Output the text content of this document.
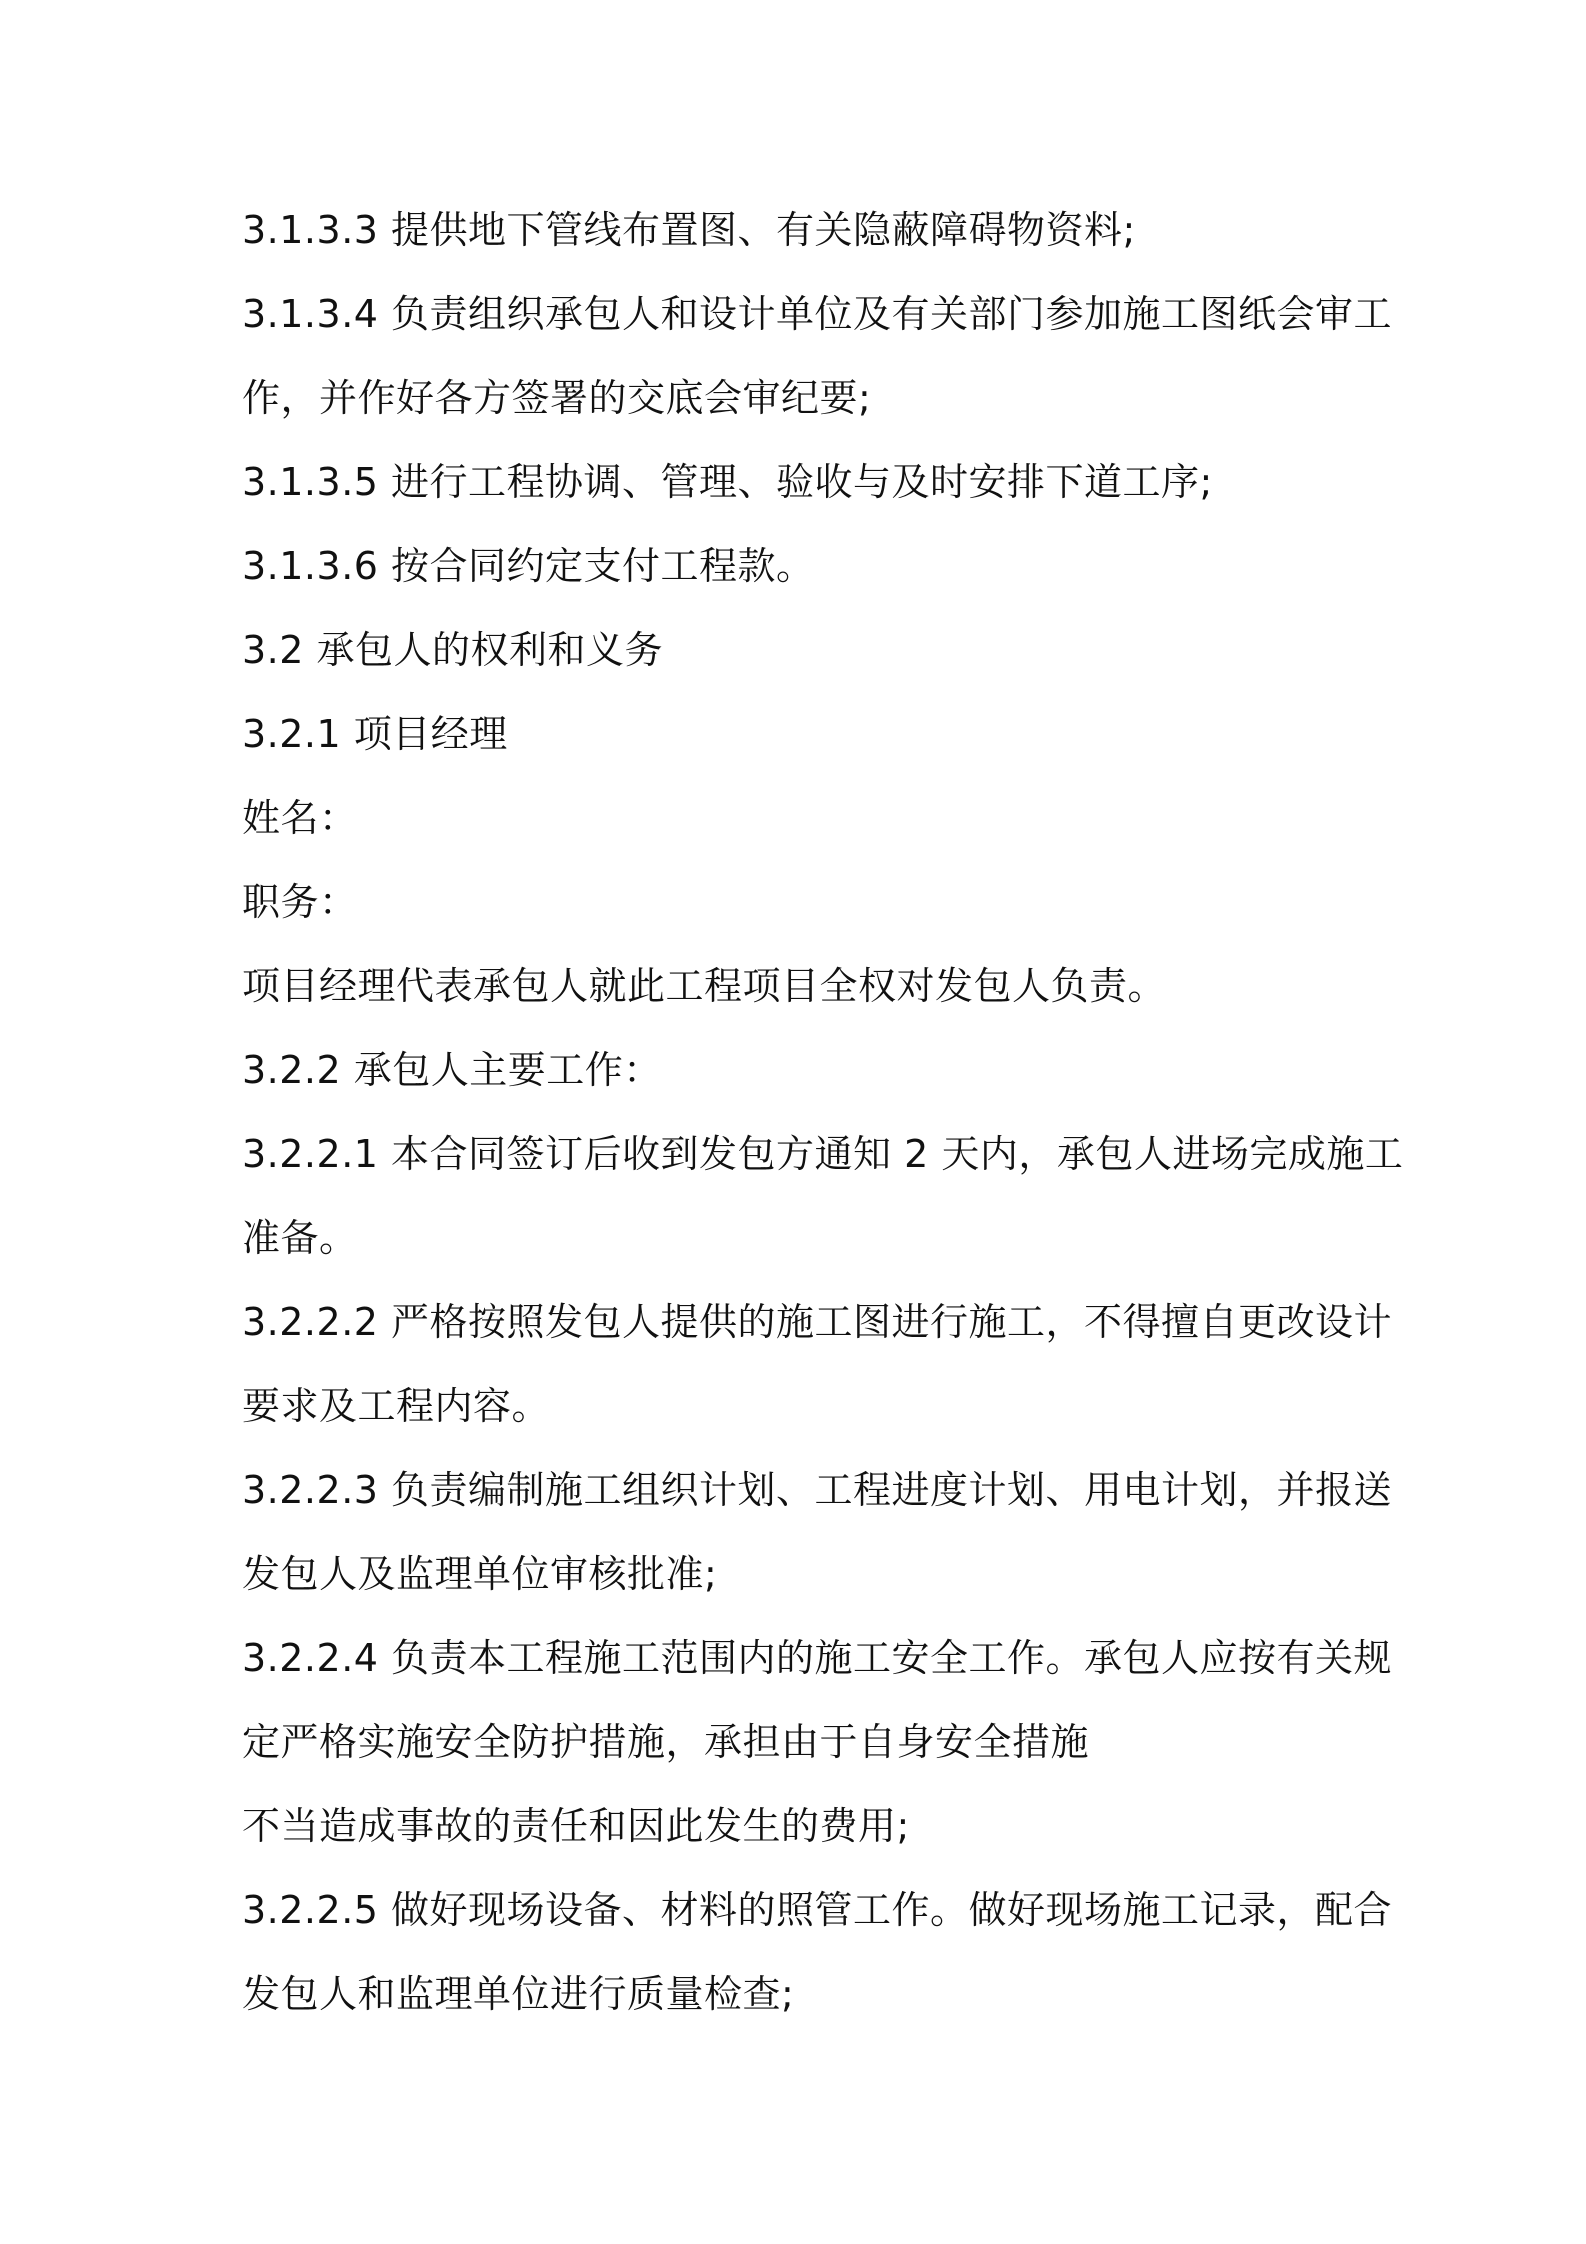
3.1.3.3 提供地下管线布置图、有关隐蔽障碍物资料;
3.1.3.4 负责组织承包人和设计单位及有关部门参加施工图纸会审工
作，并作好各方签署的交底会审纪要;
3.1.3.5 进行工程协调、管理、验收与及时安排下道工序;
3.1.3.6 按合同约定支付工程款。
3.2 承包人的权利和义务
3.2.1 项目经理
姓名：
职务：
项目经理代表承包人就此工程项目全权对发包人负责。
3.2.2 承包人主要工作：
3.2.2.1 本合同签订后收到发包方通知 2 天内，承包人进场完成施工
准备。
3.2.2.2 严格按照发包人提供的施工图进行施工，不得擅自更改设计
要求及工程内容。
3.2.2.3 负责编制施工组织计划、工程进度计划、用电计划，并报送
发包人及监理单位审核批准;
3.2.2.4 负责本工程施工范围内的施工安全工作。承包人应按有关规
定严格实施安全防护措施，承担由于自身安全措施
不当造成事故的责任和因此发生的费用;
3.2.2.5 做好现场设备、材料的照管工作。做好现场施工记录，配合
发包人和监理单位进行质量检查;
